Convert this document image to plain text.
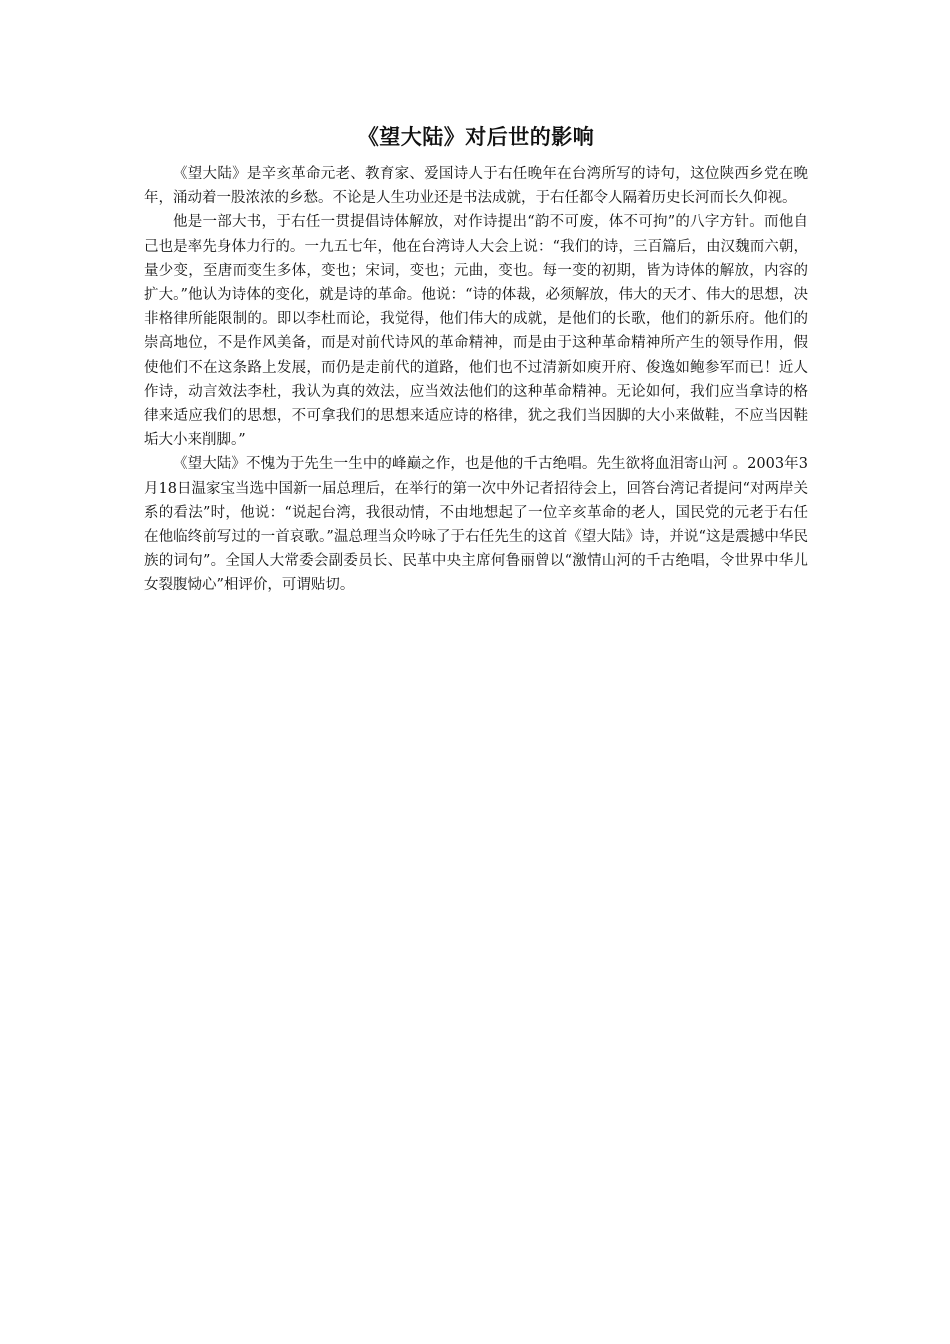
《望大陆》对后世的影响

《望大陆》是辛亥革命元老、教育家、爱国诗人于右任晚年在台湾所写的诗句，这位陕西乡党在晚年，涌动着一股浓浓的乡愁。不论是人生功业还是书法成就，于右任都令人隔着历史长河而长久仰视。

他是一部大书，于右任一贯提倡诗体解放，对作诗提出“韵不可废，体不可拘”的八字方针。而他自己也是率先身体力行的。一九五七年，他在台湾诗人大会上说：“我们的诗，三百篇后，由汉魏而六朝，量少变，至唐而变生多体，变也；宋词，变也；元曲，变也。每一变的初期，皆为诗体的解放，内容的扩大。”他认为诗体的变化，就是诗的革命。他说：“诗的体裁，必须解放，伟大的天才、伟大的思想，决非格律所能限制的。即以李杜而论，我觉得，他们伟大的成就，是他们的长歌，他们的新乐府。他们的崇高地位，不是作风美备，而是对前代诗风的革命精神，而是由于这种革命精神所产生的领导作用，假使他们不在这条路上发展，而仍是走前代的道路，他们也不过清新如庾开府、俊逸如鲍参军而已！近人作诗，动言效法李杜，我认为真的效法，应当效法他们的这种革命精神。无论如何，我们应当拿诗的格律来适应我们的思想，不可拿我们的思想来适应诗的格律，犹之我们当因脚的大小来做鞋，不应当因鞋垢大小来削脚。”

《望大陆》不愧为于先生一生中的峰巅之作，也是他的千古绝唱。先生欲将血泪寄山河 。2003年3月18日温家宝当选中国新一届总理后，在举行的第一次中外记者招待会上，回答台湾记者提问“对两岸关系的看法”时，他说：“说起台湾，我很动情，不由地想起了一位辛亥革命的老人，国民党的元老于右任在他临终前写过的一首哀歌。”温总理当众吟咏了于右任先生的这首《望大陆》诗，并说“这是震撼中华民族的词句”。全国人大常委会副委员长、民革中央主席何鲁丽曾以“激情山河的千古绝唱，令世界中华儿女裂腹恸心”相评价，可谓贴切。
